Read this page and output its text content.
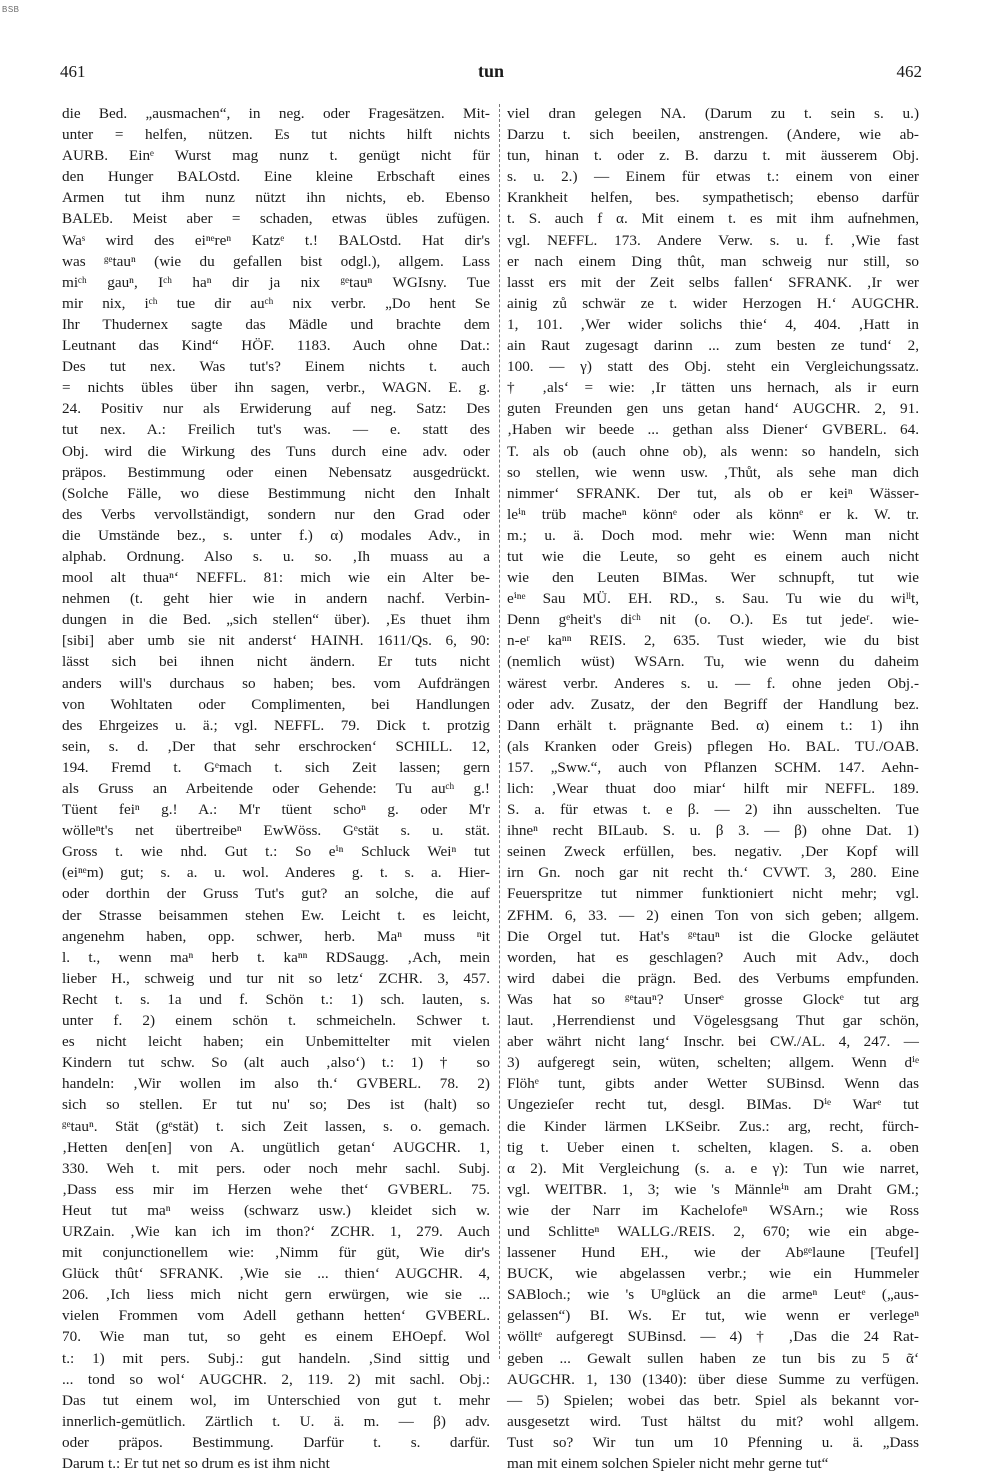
BSB
461	tun	462
die Bed. „ausmachen“, in neg. oder Fragesätzen. Mit-
unter = helfen, nützen. Es tut nichts hilft nichts
AURB. Einᵉ Wurst mag nunz t. genügt nicht für
den Hunger BALOstd. Eine kleine Erbschaft eines
Armen tut ihm nunz nützt ihn nichts, eb. Ebenso
BALEb. Meist aber = schaden, etwas übles zufügen.
Waˢ wird des eiⁿᵉreⁿ Katzᵉ t.! BALOstd. Hat dir's
was ᵍᵉtauⁿ (wie du gefallen bist odgl.), allgem. Lass
miᶜʰ gauⁿ, Iᶜʰ haⁿ dir ja nix ᵍᵉtauⁿ WGIsny. Tue
mir nix, iᶜʰ tue dir auᶜʰ nix verbr. „Do hent Se
Ihr Thudernex sagte das Mädle und brachte dem
Leutnant das Kind“ HÖF. 1183. Auch ohne Dat.:
Des tut nex. Was tut's? Einem nichts t. auch
= nichts übles über ihn sagen, verbr., WAGN. E. g.
24. Positiv nur als Erwiderung auf neg. Satz: Des
tut nex. A.: Freilich tut's was. — e. statt des
Obj. wird die Wirkung des Tuns durch eine adv. oder
präpos. Bestimmung oder einen Nebensatz ausgedrückt.
(Solche Fälle, wo diese Bestimmung nicht den Inhalt
des Verbs vervollständigt, sondern nur den Grad oder
die Umstände bez., s. unter f.) α) modales Adv., in
alphab. Ordnung. Also s. u. so. ‚Ih muass au a
mool alt thuaⁿ‘ NEFFL. 81: mich wie ein Alter be-
nehmen (t. geht hier wie in andern nachf. Verbin-
dungen in die Bed. „sich stellen“ über). ‚Es thuet ihm
[sibi] aber umb sie nit anderst‘ HAINH. 1611/Qs. 6, 90:
lässt sich bei ihnen nicht ändern. Er tuts nicht
anders will's durchaus so haben; bes. vom Aufdrängen
von Wohltaten oder Complimenten, bei Handlungen
des Ehrgeizes u. ä.; vgl. NEFFL. 79. Dick t. protzig
sein, s. d. ‚Der that sehr erschrocken‘ SCHILL. 12,
194. Fremd t. Gᵉmach t. sich Zeit lassen; gern
als Gruss an Arbeitende oder Gehende: Tu auᶜʰ g.!
Tüent feiⁿ g.! A.: M'r tüent schoⁿ g. oder M'r
wölleⁿt's net übertreibeⁿ EwWöss. Gᵉstät s. u. stät.
Gross t. wie nhd. Gut t.: So eⁱⁿ Schluck Weiⁿ tut
(eiⁿᵉm) gut; s. a. u. wol. Anderes g. t. s. a. Hier-
oder dorthin der Gruss Tut's gut? an solche, die auf
der Strasse beisammen stehen Ew. Leicht t. es leicht,
angenehm haben, opp. schwer, herb. Maⁿ muss ⁿit
l. t., wenn maⁿ herb t. kaⁿⁿ RDSaugg. ‚Ach, mein
lieber H., schweig und tur nit so letz‘ ZCHR. 3, 457.
Recht t. s. 1a und f. Schön t.: 1) sch. lauten, s.
unter f. 2) einem schön t. schmeicheln. Schwer t.
es nicht leicht haben; ein Unbemittelter mit vielen
Kindern tut schw. So (alt auch ‚also‘) t.: 1) † so
handeln: ‚Wir wollen im also th.‘ GVBERL. 78. 2)
sich so stellen. Er tut nu' so; Des ist (halt) so
ᵍᵉtauⁿ. Stät (gᵉstät) t. sich Zeit lassen, s. o. gemach.
‚Hetten den[en] von A. ungütlich getan‘ AUGCHR. 1,
330. Weh t. mit pers. oder noch mehr sachl. Subj.
‚Dass ess mir im Herzen wehe thet‘ GVBERL. 75.
Heut tut maⁿ weiss (schwarz usw.) kleidet sich w.
URZain. ‚Wie kan ich im thon?‘ ZCHR. 1, 279. Auch
mit conjunctionellem wie: ‚Nimm für güt, Wie dir's
Glück thût‘ SFRANK. ‚Wie sie ... thien‘ AUGCHR. 4,
206. ‚Ich liess mich nicht gern erwürgen, wie sie ...
vielen Frommen vom Adell gethann hetten‘ GVBERL.
70. Wie man tut, so geht es einem EHOepf. Wol
t.: 1) mit pers. Subj.: gut handeln. ‚Sind sittig und
... tond so wol‘ AUGCHR. 2, 119. 2) mit sachl. Obj.:
Das tut einem wol, im Unterschied von gut t. mehr
innerlich-gemütlich. Zärtlich t. U. ä. m. — β) adv.
oder präpos. Bestimmung. Darfür t. s. darfür.
Darum t.: Er tut net so drum es ist ihm nicht
viel dran gelegen NA. (Darum zu t. sein s. u.)
Darzu t. sich beeilen, anstrengen. (Andere, wie ab-
tun, hinan t. oder z. B. darzu t. mit äusserem Obj.
s. u. 2.) — Einem für etwas t.: einem von einer
Krankheit helfen, bes. sympathetisch; ebenso darfür
t. S. auch f α. Mit einem t. es mit ihm aufnehmen,
vgl. NEFFL. 173. Andere Verw. s. u. f. ‚Wie fast
er nach einem Ding thût, man schweig nur still, so
lasst ers mit der Zeit selbs fallen‘ SFRANK. ‚Ir wer
ainig zů schwär ze t. wider Herzogen H.‘ AUGCHR.
1, 101. ‚Wer wider solichs thie‘ 4, 404. ‚Hatt in
ain Raut zugesagt darinn ... zum besten ze tund‘ 2,
100. — γ) statt des Obj. steht ein Vergleichungssatz.
† ‚als‘ = wie: ‚Ir tätten uns hernach, als ir eurn
guten Freunden gen uns getan hand‘ AUGCHR. 2, 91.
‚Haben wir beede ... gethan alss Diener‘ GVBERL. 64.
T. als ob (auch ohne ob), als wenn: so handeln, sich
so stellen, wie wenn usw. ‚Thůt, als sehe man dich
nimmer‘ SFRANK. Der tut, als ob er keiⁿ Wässer-
leⁱⁿ trüb macheⁿ könnᵉ oder als könnᵉ er k. W. tr.
m.; u. ä. Doch mod. mehr wie: Wenn man nicht
tut wie die Leute, so geht es einem auch nicht
wie den Leuten BIMas. Wer schnupft, tut wie
eⁱⁿᵉ Sau MÜ. EH. RD., s. Sau. Tu wie du wiˡˡt,
Denn gᵉheit's diᶜʰ nit (o. O.). Es tut jedeʳ. wie-
n-eʳ kaⁿⁿ REIS. 2, 635. Tust wieder, wie du bist
(nemlich wüst) WSArn. Tu, wie wenn du daheim
wärest verbr. Anderes s. u. — f. ohne jeden Obj.-
oder adv. Zusatz, der den Begriff der Handlung bez.
Dann erhält t. prägnante Bed. α) einem t.: 1) ihn
(als Kranken oder Greis) pflegen Ho. BAL. TU./OAB.
157. „Sww.“, auch von Pflanzen SCHM. 147. Aehn-
lich: ‚Wear thuat doo miar‘ hilft mir NEFFL. 189.
S. a. für etwas t. e β. — 2) ihn ausschelten. Tue
ihneⁿ recht BILaub. S. u. β 3. — β) ohne Dat. 1)
seinen Zweck erfüllen, bes. negativ. ‚Der Kopf will
irn Gn. noch gar nit recht th.‘ CVWT. 3, 280. Eine
Feuerspritze tut nimmer funktioniert nicht mehr; vgl.
ZFHM. 6, 33. — 2) einen Ton von sich geben; allgem.
Die Orgel tut. Hat's ᵍᵉtauⁿ ist die Glocke geläutet
worden, hat es geschlagen? Auch mit Adv., doch
wird dabei die prägn. Bed. des Verbums empfunden.
Was hat so ᵍᵉtauⁿ? Unserᵉ grosse Glockᵉ tut arg
laut. ‚Herrendienst und Vögelesgsang Thut gar schön,
aber währt nicht lang‘ Inschr. bei CW./AL. 4, 247. —
3) aufgeregt sein, wüten, schelten; allgem. Wenn dⁱᵉ
Flöhᵉ tunt, gibts ander Wetter SUBinsd. Wenn das
Ungezieſer recht tut, desgl. BIMas. Dⁱᵉ Warᵉ tut
die Kinder lärmen LKSeibr. Zus.: arg, recht, fürch-
tig t. Ueber einen t. schelten, klagen. S. a. oben
α 2). Mit Vergleichung (s. a. e γ): Tun wie narret,
vgl. WEITBR. 1, 3; wie 's Männleⁱⁿ am Draht GM.;
wie der Narr im Kachelofeⁿ WSArn.; wie Ross
und Schlitteⁿ WALLG./REIS. 2, 670; wie ein abge-
lassener Hund EH., wie der Abᵍᵉlaune [Teufel]
BUCK, wie abgelassen verbr.; wie ein Hummeler
SABloch.; wie 's Uⁿglück an die armeⁿ Leutᵉ („aus-
gelassen“) BI. Ws. Er tut, wie wenn er verlegeⁿ
wölltᵉ aufgeregt SUBinsd. — 4) † ‚Das die 24 Rat-
geben ... Gewalt sullen haben ze tun bis zu 5 ᾶ‘
AUGCHR. 1, 130 (1340): über diese Summe zu verfügen.
— 5) Spielen; wobei das betr. Spiel als bekannt vor-
ausgesetzt wird. Tust hältst du mit? wohl allgem.
Tust so? Wir tun um 10 Pfenning u. ä. „Dass
man mit einem solchen Spieler nicht mehr gerne tut“
